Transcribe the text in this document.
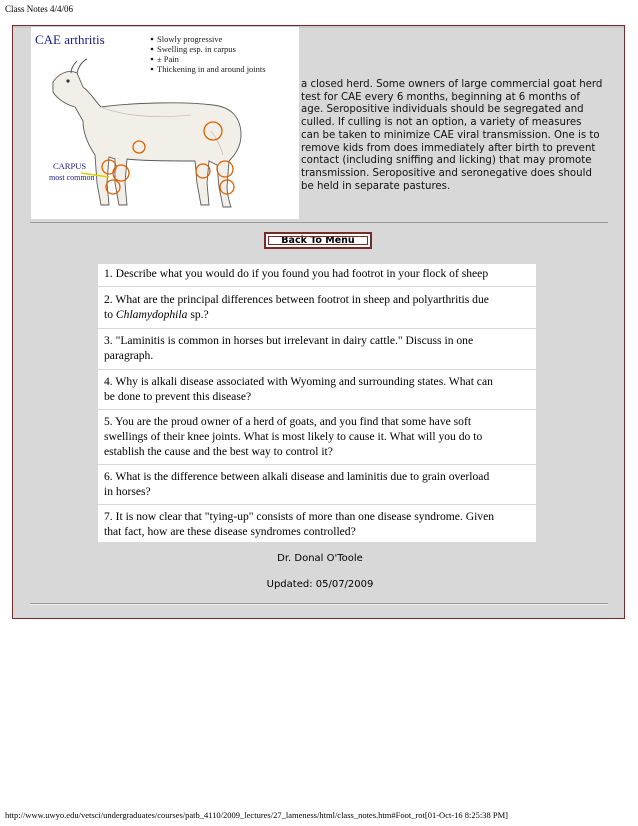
Class Notes 4/4/06
CAE arthritis	Slowly progressive
Swelling esp. in carpus
± Pain
Thickening in and around joints
CARPUS
most common
a closed herd. Some owners of large commercial goat herd
test for CAE every 6 months, beginning at 6 months of
age. Seropositive individuals should be segregated and
culled. If culling is not an option, a variety of measures
can be taken to minimize CAE viral transmission. One is to
remove kids from does immediately after birth to prevent
contact (including sniffing and licking) that may promote
transmission. Seropositive and seronegative does should
be held in separate pastures.
Back To Menu
1. Describe what you would do if you found you had footrot in your flock of sheep
2. What are the principal differences between footrot in sheep and polyarthritis due
to Chlamydophila sp.?
3. "Laminitis is common in horses but irrelevant in dairy cattle." Discuss in one
paragraph.
4. Why is alkali disease associated with Wyoming and surrounding states. What can
be done to prevent this disease?
5. You are the proud owner of a herd of goats, and you find that some have soft
swellings of their knee joints. What is most likely to cause it. What will you do to
establish the cause and the best way to control it?
6. What is the difference between alkali disease and laminitis due to grain overload
in horses?
7. It is now clear that "tying-up" consists of more than one disease syndrome. Given
that fact, how are these disease syndromes controlled?
Dr. Donal O'Toole
Updated: 05/07/2009
http://www.uwyo.edu/vetsci/undergraduates/courses/patb_4110/2009_lectures/27_lameness/html/class_notes.htm#Foot_rot[01-Oct-16 8:25:38 PM]
